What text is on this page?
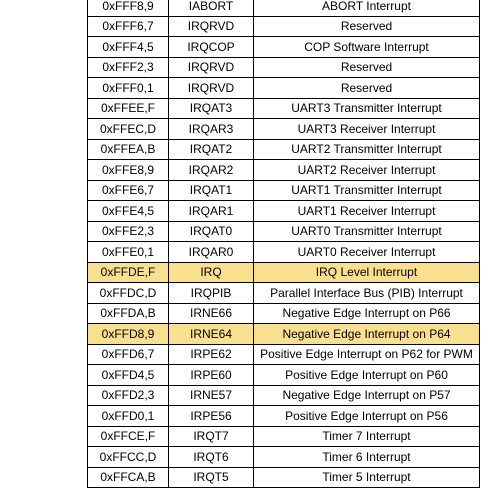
0xFFF8,9	IABORT	ABORT Interrupt
0xFFF6,7	IRQRVD	Reserved
0xFFF4,5	IRQCOP	COP Software Interrupt
0xFFF2,3	IRQRVD	Reserved
0xFFF0,1	IRQRVD	Reserved
0xFFEE,F	IRQAT3	UART3 Transmitter Interrupt
0xFFEC,D	IRQAR3	UART3 Receiver Interrupt
0xFFEA,B	IRQAT2	UART2 Transmitter Interrupt
0xFFE8,9	IRQAR2	UART2 Receiver Interrupt
0xFFE6,7	IRQAT1	UART1 Transmitter Interrupt
0xFFE4,5	IRQAR1	UART1 Receiver Interrupt
0xFFE2,3	IRQAT0	UART0 Transmitter Interrupt
0xFFE0,1	IRQAR0	UART0 Receiver Interrupt
0xFFDE,F	IRQ	IRQ Level Interrupt
0xFFDC,D	IRQPIB	Parallel Interface Bus (PIB) Interrupt
0xFFDA,B	IRNE66	Negative Edge Interrupt on P66
0xFFD8,9	IRNE64	Negative Edge Interrupt on P64
0xFFD6,7	IRPE62	Positive Edge Interrupt on P62 for PWM
0xFFD4,5	IRPE60	Positive Edge Interrupt on P60
0xFFD2,3	IRNE57	Negative Edge Interrupt on P57
0xFFD0,1	IRPE56	Positive Edge Interrupt on P56
0xFFCE,F	IRQT7	Timer 7 Interrupt
0xFFCC,D	IRQT6	Timer 6 Interrupt
0xFFCA,B	IRQT5	Timer 5 Interrupt
